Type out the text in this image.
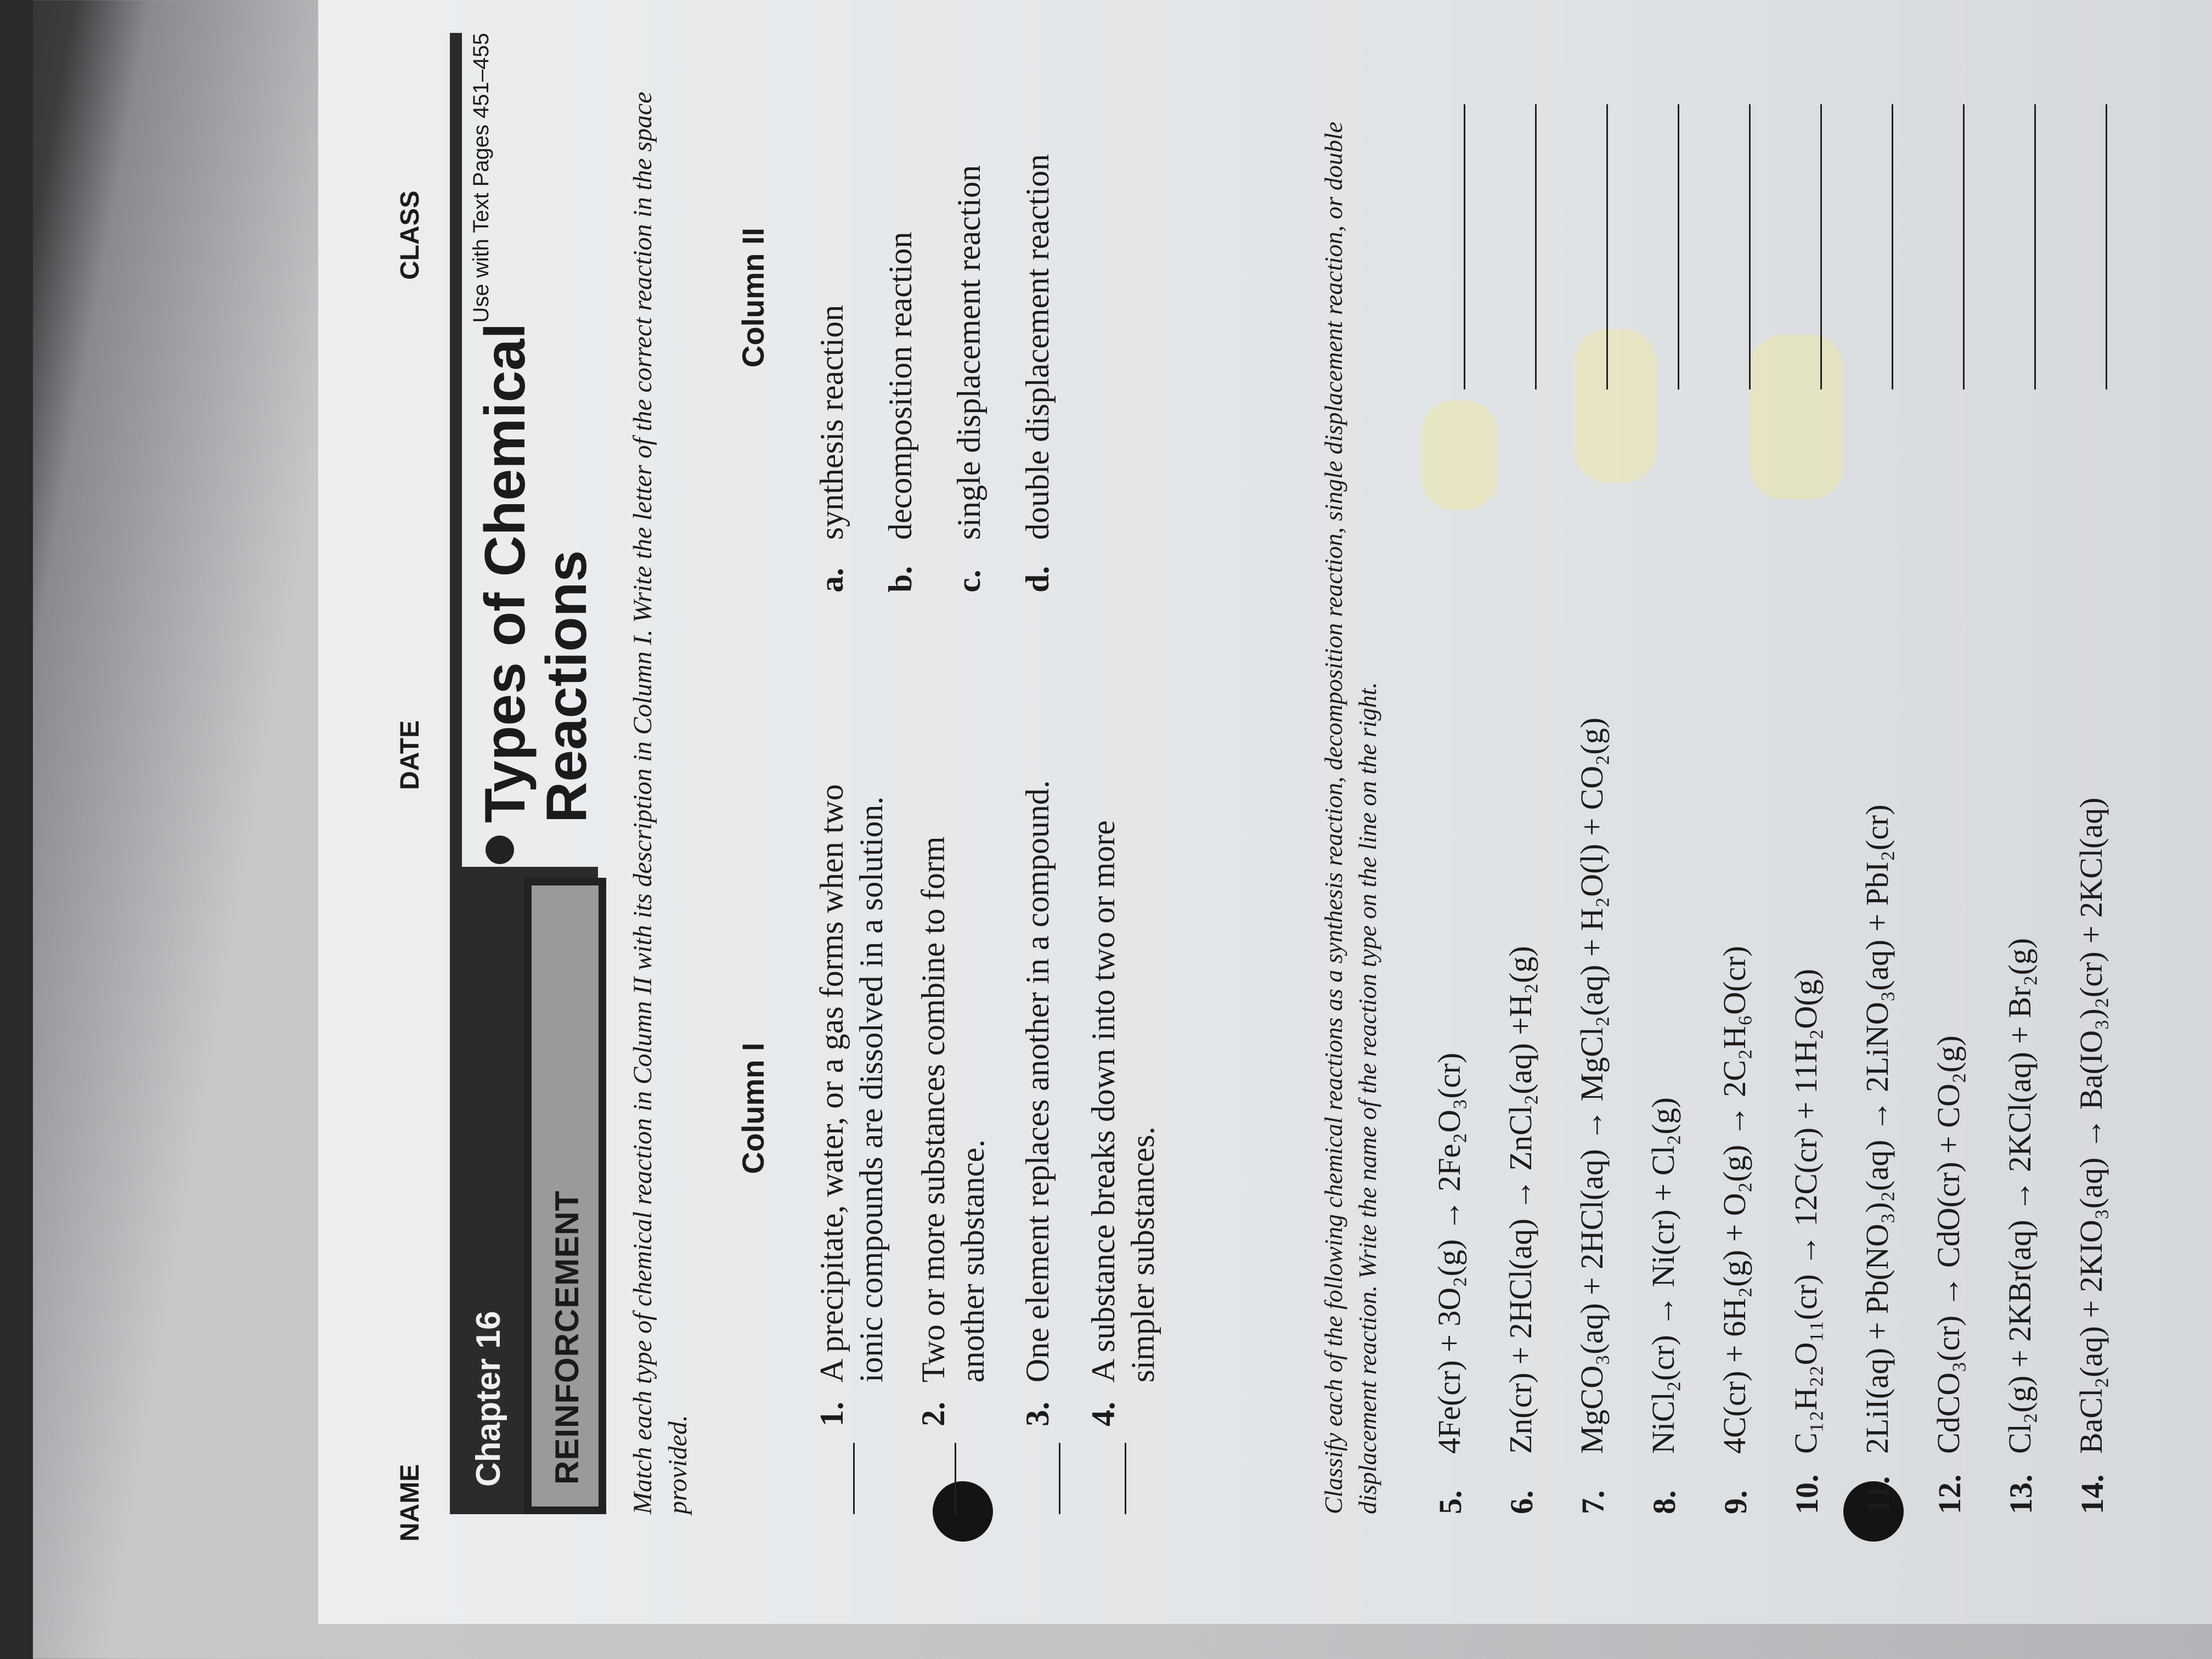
NAME
DATE
CLASS
Chapter 16 REINFORCEMENT
Use with Text Pages 451–455
Types of Chemical
Reactions Match each type of chemical reaction in Column II with its description in Column I. Write the letter of the correct reaction in the space provided.
Column I
Column II
1.A precipitate, water, or a gas forms when two ionic compounds are dissolved in a solution.
2.Two or more substances combine to form another substance.
3.One element replaces another in a compound.
4.A substance breaks down into two or more simpler substances.
a.synthesis reaction
b.decomposition reaction
c.single displacement reaction
d.double displacement reaction	Classify each of the following chemical reactions as a synthesis reaction, decomposition reaction, single displacement reaction, or double displacement reaction. Write the name of the reaction type on the line on the right. 5.
4Fe(cr) + 3O₂(g) → 2Fe₂O₃(cr)
6.
Zn(cr) + 2HCl(aq) → ZnCl₂(aq) +H₂(g)
7.
MgCO₃(aq) + 2HCl(aq) → MgCl₂(aq) + H₂O(l) + CO₂(g)
8.
NiCl₂(cr) → Ni(cr) + Cl₂(g)
9.
4C(cr) + 6H₂(g) + O₂(g) → 2C₂H₆O(cr)
10.
C₁₂H₂₂O₁₁(cr) → 12C(cr) + 11H₂O(g)
11.
2LiI(aq) + Pb(NO₃)₂(aq) → 2LiNO₃(aq) + PbI₂(cr)
12.
CdCO₃(cr) → CdO(cr) + CO₂(g)
13.
Cl₂(g) + 2KBr(aq) → 2KCl(aq) + Br₂(g)
14.
BaCl₂(aq) + 2KIO₃(aq) → Ba(IO₃)₂(cr) + 2KCl(aq)
